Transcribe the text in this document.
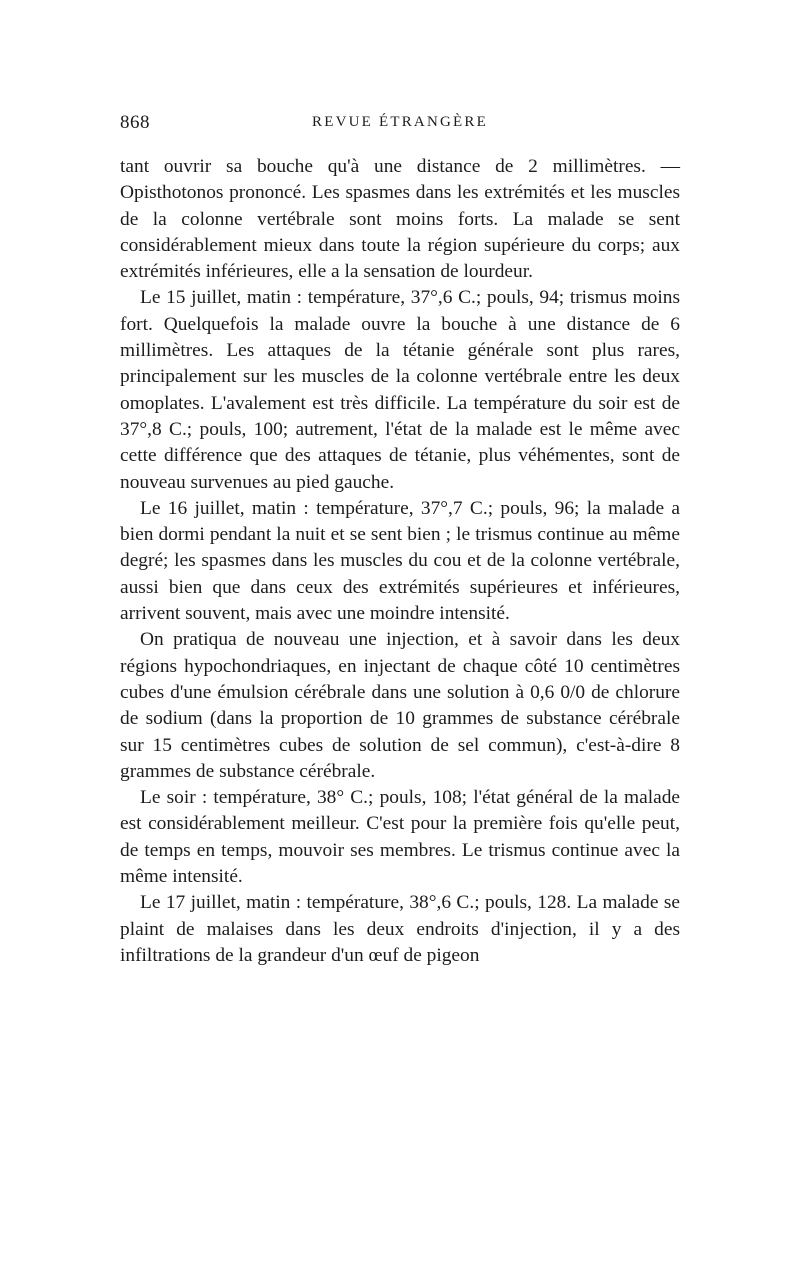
868	REVUE ÉTRANGÈRE

tant ouvrir sa bouche qu'à une distance de 2 millimètres. — Opisthotonos prononcé. Les spasmes dans les extrémités et les muscles de la colonne vertébrale sont moins forts. La malade se sent considérablement mieux dans toute la région supérieure du corps; aux extrémités inférieures, elle a la sensation de lourdeur.

Le 15 juillet, matin : température, 37°,6 C.; pouls, 94; trismus moins fort. Quelquefois la malade ouvre la bouche à une distance de 6 millimètres. Les attaques de la tétanie générale sont plus rares, principalement sur les muscles de la colonne vertébrale entre les deux omoplates. L'avalement est très difficile. La température du soir est de 37°,8 C.; pouls, 100; autrement, l'état de la malade est le même avec cette différence que des attaques de tétanie, plus véhémentes, sont de nouveau survenues au pied gauche.

Le 16 juillet, matin : température, 37°,7 C.; pouls, 96; la malade a bien dormi pendant la nuit et se sent bien ; le trismus continue au même degré; les spasmes dans les muscles du cou et de la colonne vertébrale, aussi bien que dans ceux des extrémités supérieures et inférieures, arrivent souvent, mais avec une moindre intensité.

On pratiqua de nouveau une injection, et à savoir dans les deux régions hypochondriaques, en injectant de chaque côté 10 centimètres cubes d'une émulsion cérébrale dans une solution à 0,6 0/0 de chlorure de sodium (dans la proportion de 10 grammes de substance cérébrale sur 15 centimètres cubes de solution de sel commun), c'est-à-dire 8 grammes de substance cérébrale.

Le soir : température, 38° C.; pouls, 108; l'état général de la malade est considérablement meilleur. C'est pour la première fois qu'elle peut, de temps en temps, mouvoir ses membres. Le trismus continue avec la même intensité.

Le 17 juillet, matin : température, 38°,6 C.; pouls, 128. La malade se plaint de malaises dans les deux endroits d'injection, il y a des infiltrations de la grandeur d'un œuf de pigeon
